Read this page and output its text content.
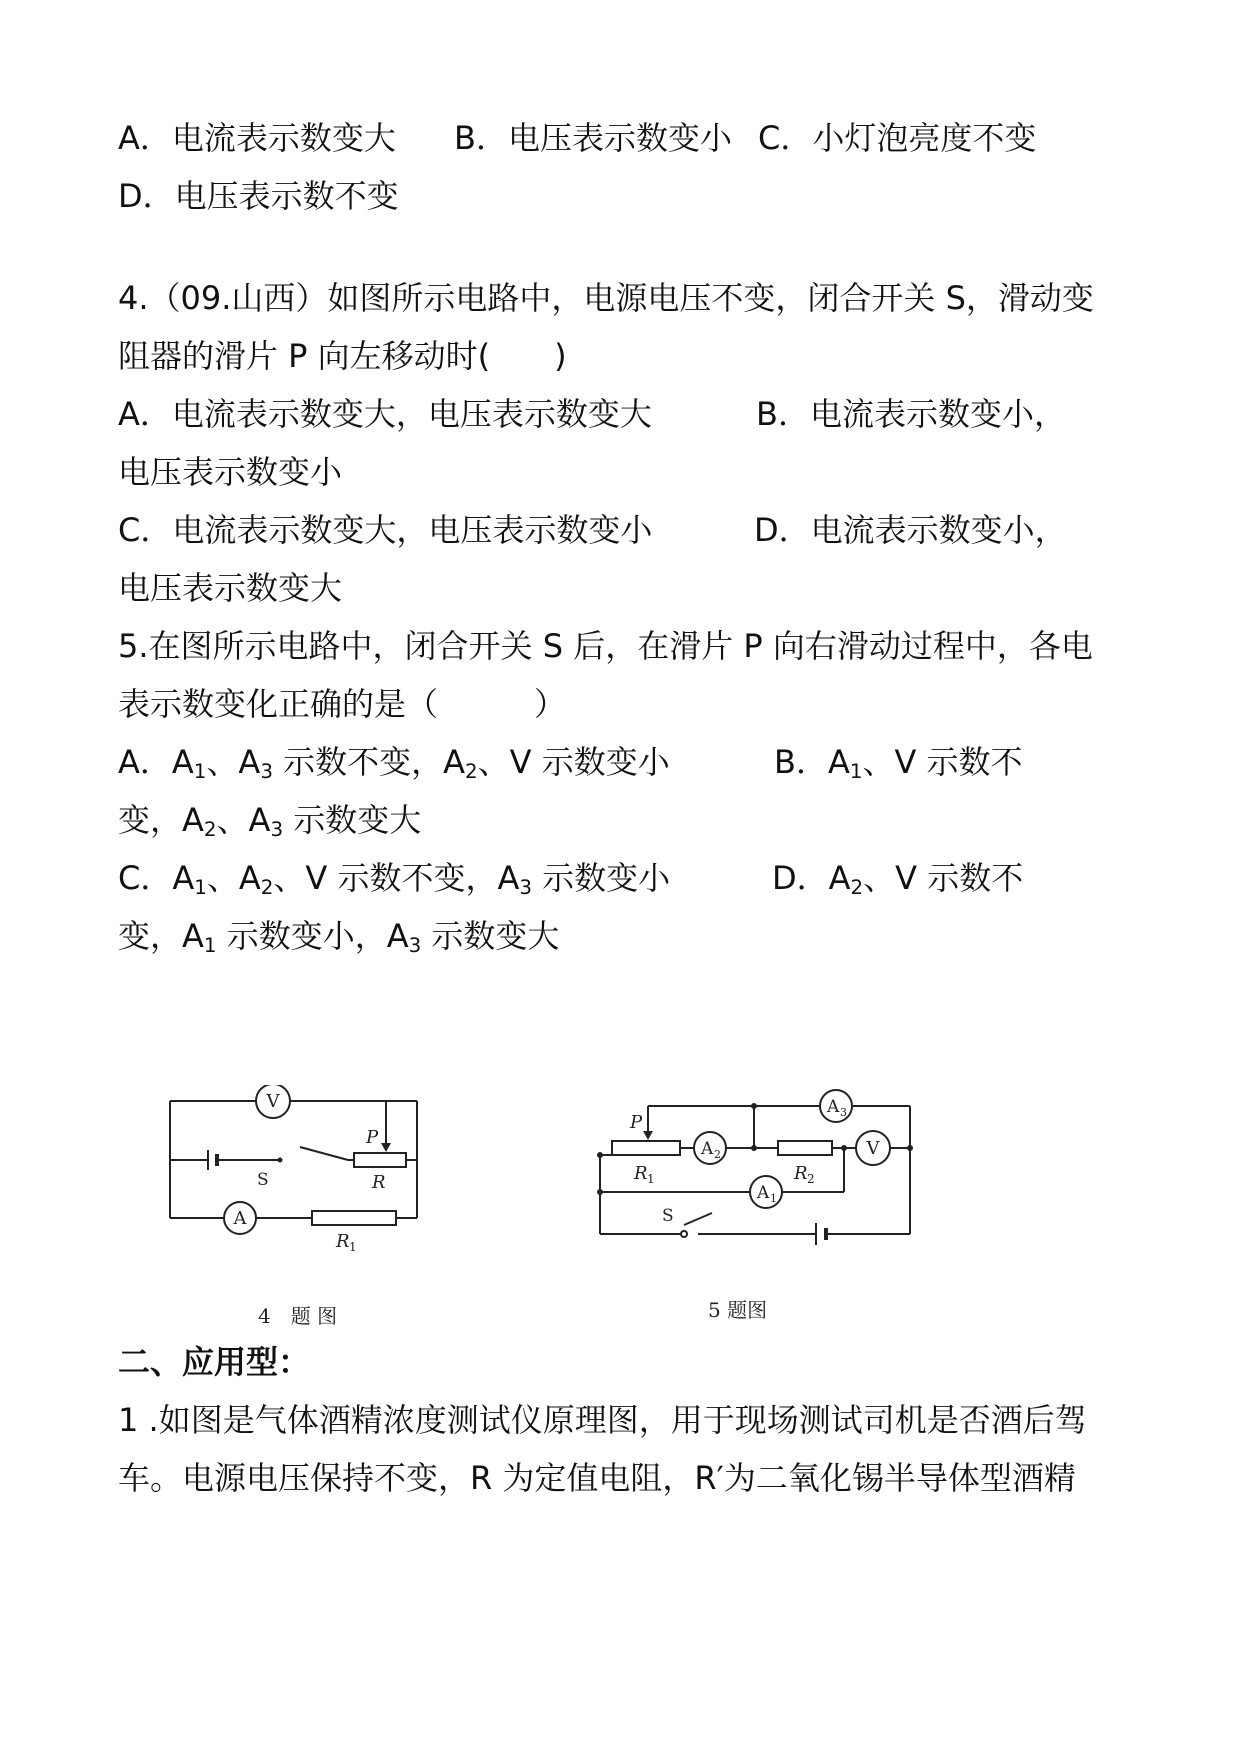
A．电流表示数变大 B．电压表示数变小 C．小灯泡亮度不变
D．电压表示数不变
4.（09.山西）如图所示电路中，电源电压不变，闭合开关 S，滑动变
阻器的滑片 P 向左移动时(　　)
A．电流表示数变大，电压表示数变大	B．电流表示数变小，
电压表示数变小
C．电流表示数变大，电压表示数变小	D．电流表示数变小，
电压表示数变大
5.在图所示电路中，闭合开关 S 后，在滑片 P 向右滑动过程中，各电
表示数变化正确的是（　　　）
A．$A_1$、$A_3$ 示数不变，$A_2$、V 示数变小	B．$A_1$、V 示数不
变，$A_2$、$A_3$ 示数变大
C．$A_1$、$A_2$、V 示数不变，$A_3$ 示数变小	D．$A_2$、V 示数不
变，$A_1$ 示数变小，$A_3$ 示数变大
V
A
S
P
R
R 1
4　题 图
P
R 1	R 2
A 3
A 2
A 1
V
S
5 题图
二、应用型：
1 .如图是气体酒精浓度测试仪原理图，用于现场测试司机是否酒后驾
车。电源电压保持不变，R 为定值电阻，R′为二氧化锡半导体型酒精
